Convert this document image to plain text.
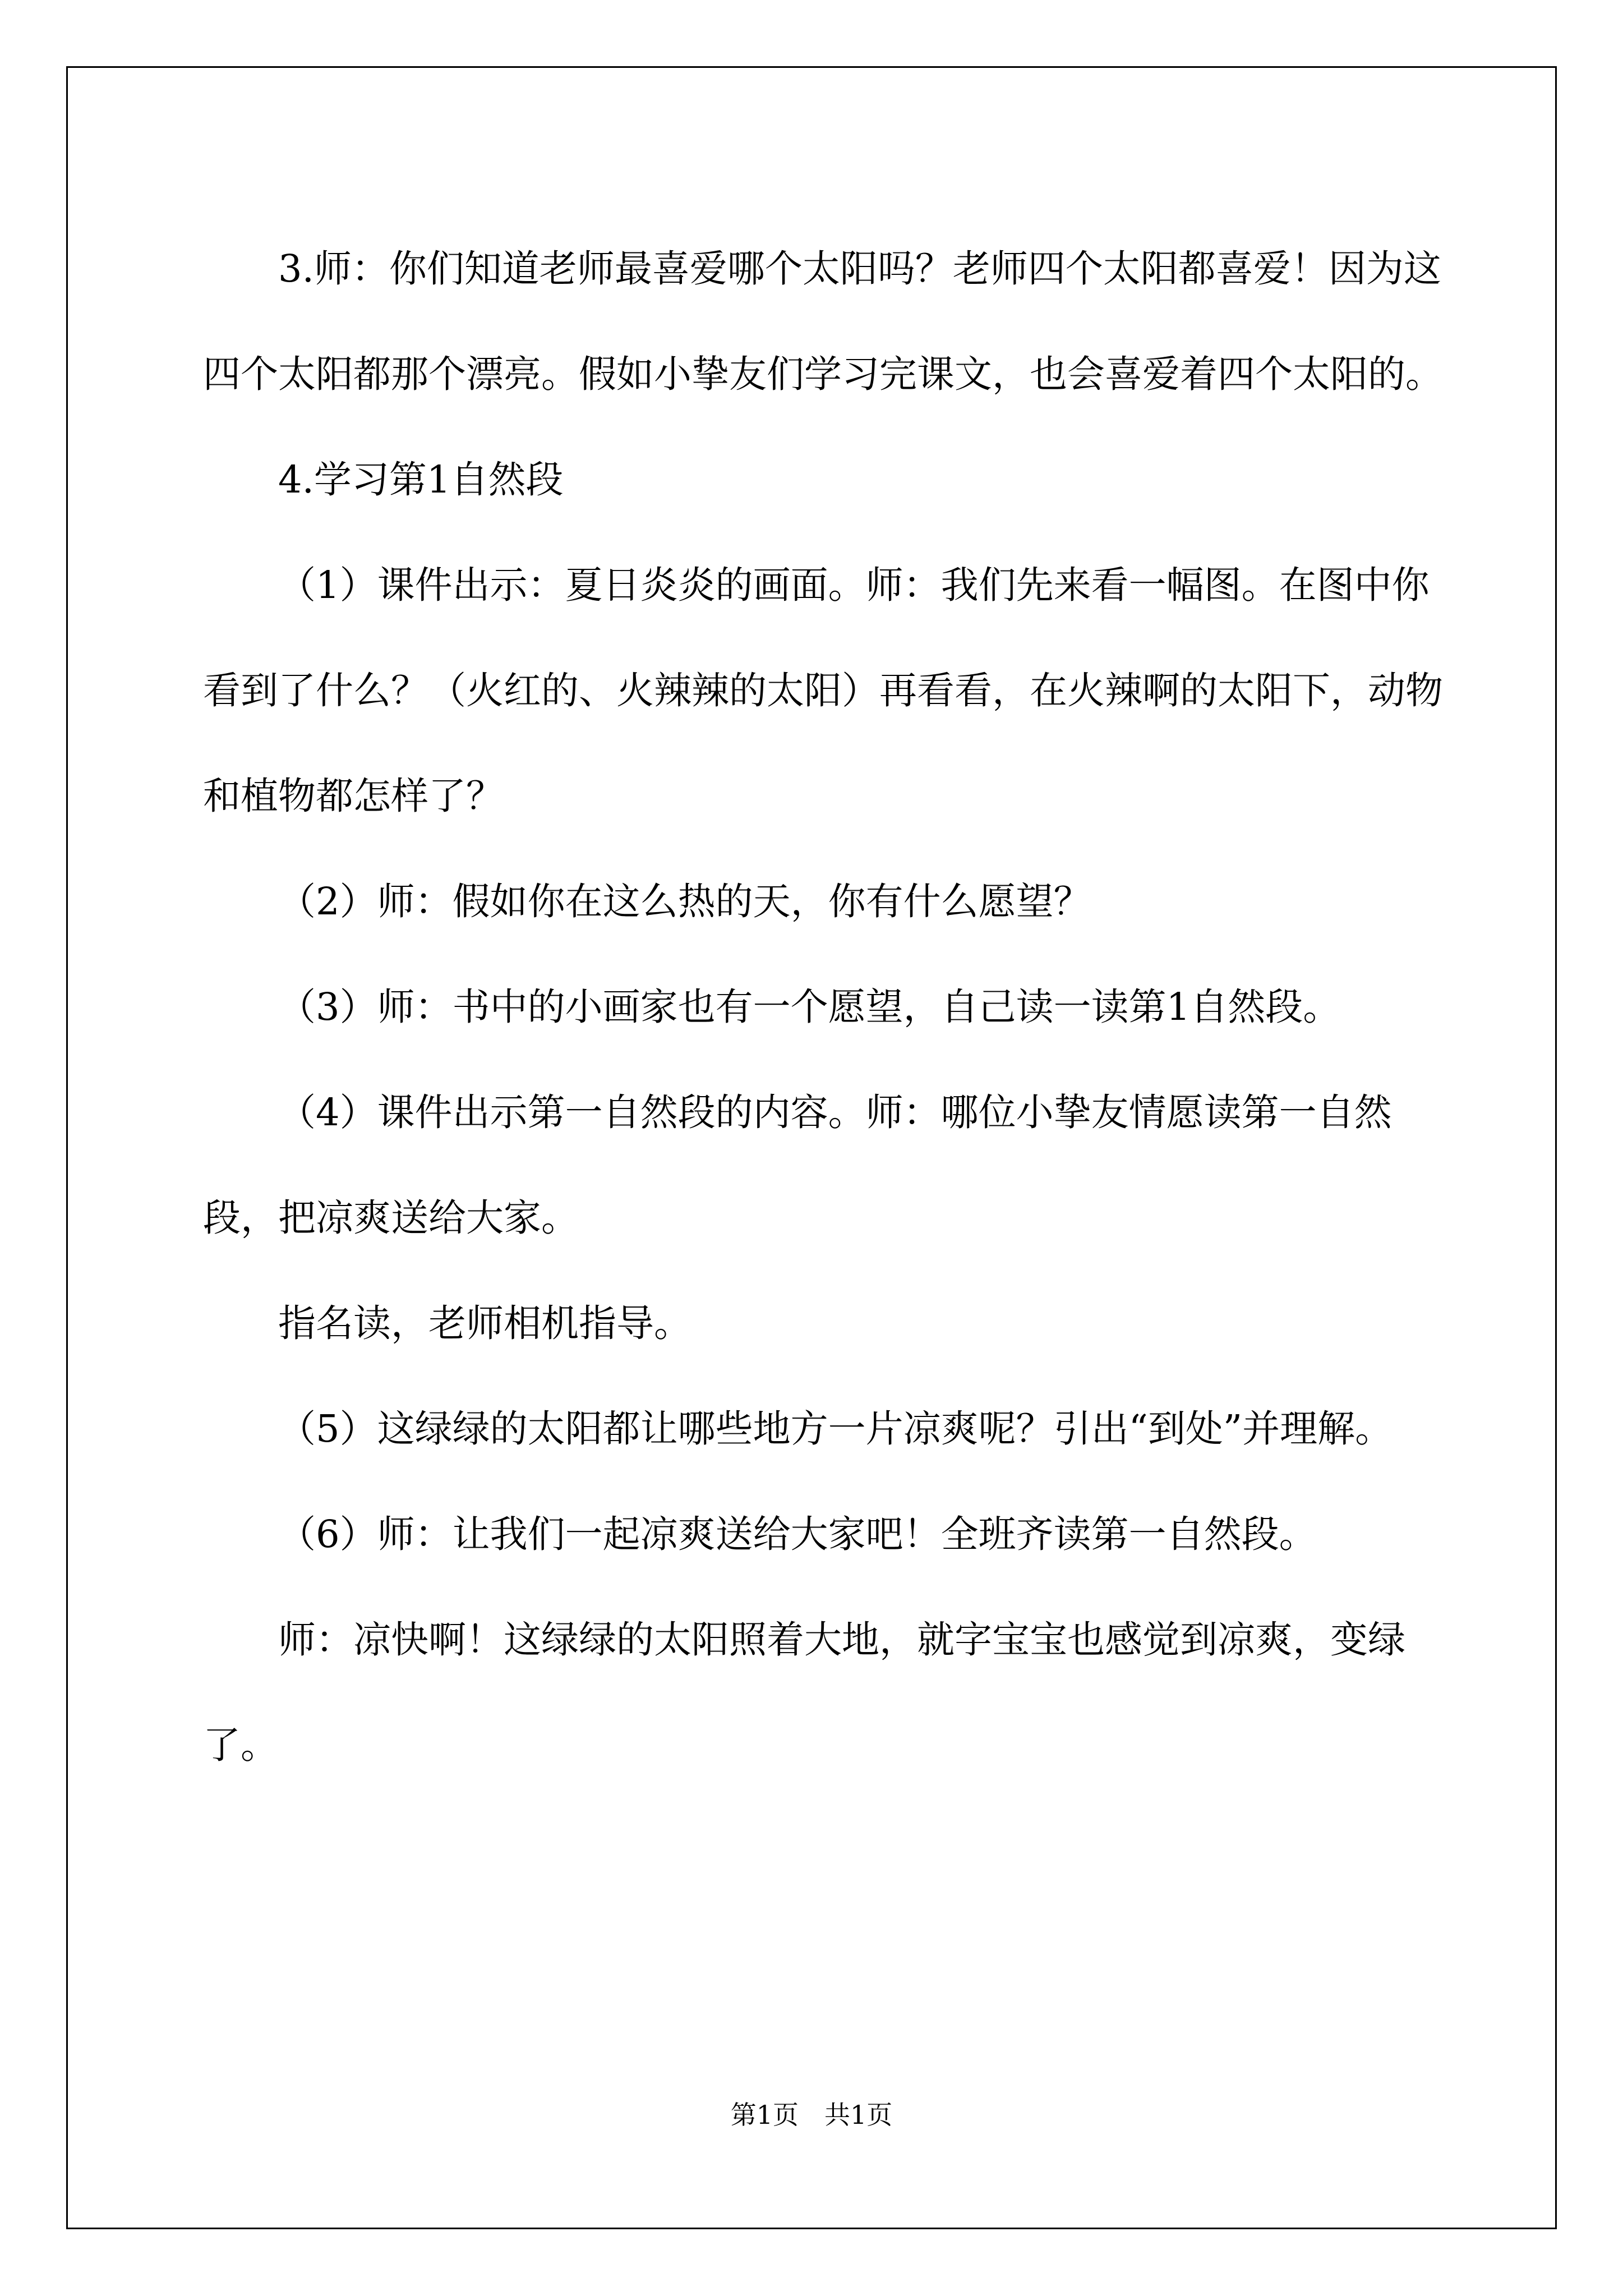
3.师：你们知道老师最喜爱哪个太阳吗？老师四个太阳都喜爱！因为这四个太阳都那个漂亮。假如小挚友们学习完课文，也会喜爱着四个太阳的。

4.学习第1自然段

（1）课件出示：夏日炎炎的画面。师：我们先来看一幅图。在图中你看到了什么？（火红的、火辣辣的太阳）再看看，在火辣啊的太阳下，动物和植物都怎样了？

（2）师：假如你在这么热的天，你有什么愿望？

（3）师：书中的小画家也有一个愿望，自己读一读第1自然段。

（4）课件出示第一自然段的内容。师：哪位小挚友情愿读第一自然段，把凉爽送给大家。

指名读，老师相机指导。

（5）这绿绿的太阳都让哪些地方一片凉爽呢？引出“到处”并理解。

（6）师：让我们一起凉爽送给大家吧！全班齐读第一自然段。

师：凉快啊！这绿绿的太阳照着大地，就字宝宝也感觉到凉爽，变绿了。

第1页　共1页
